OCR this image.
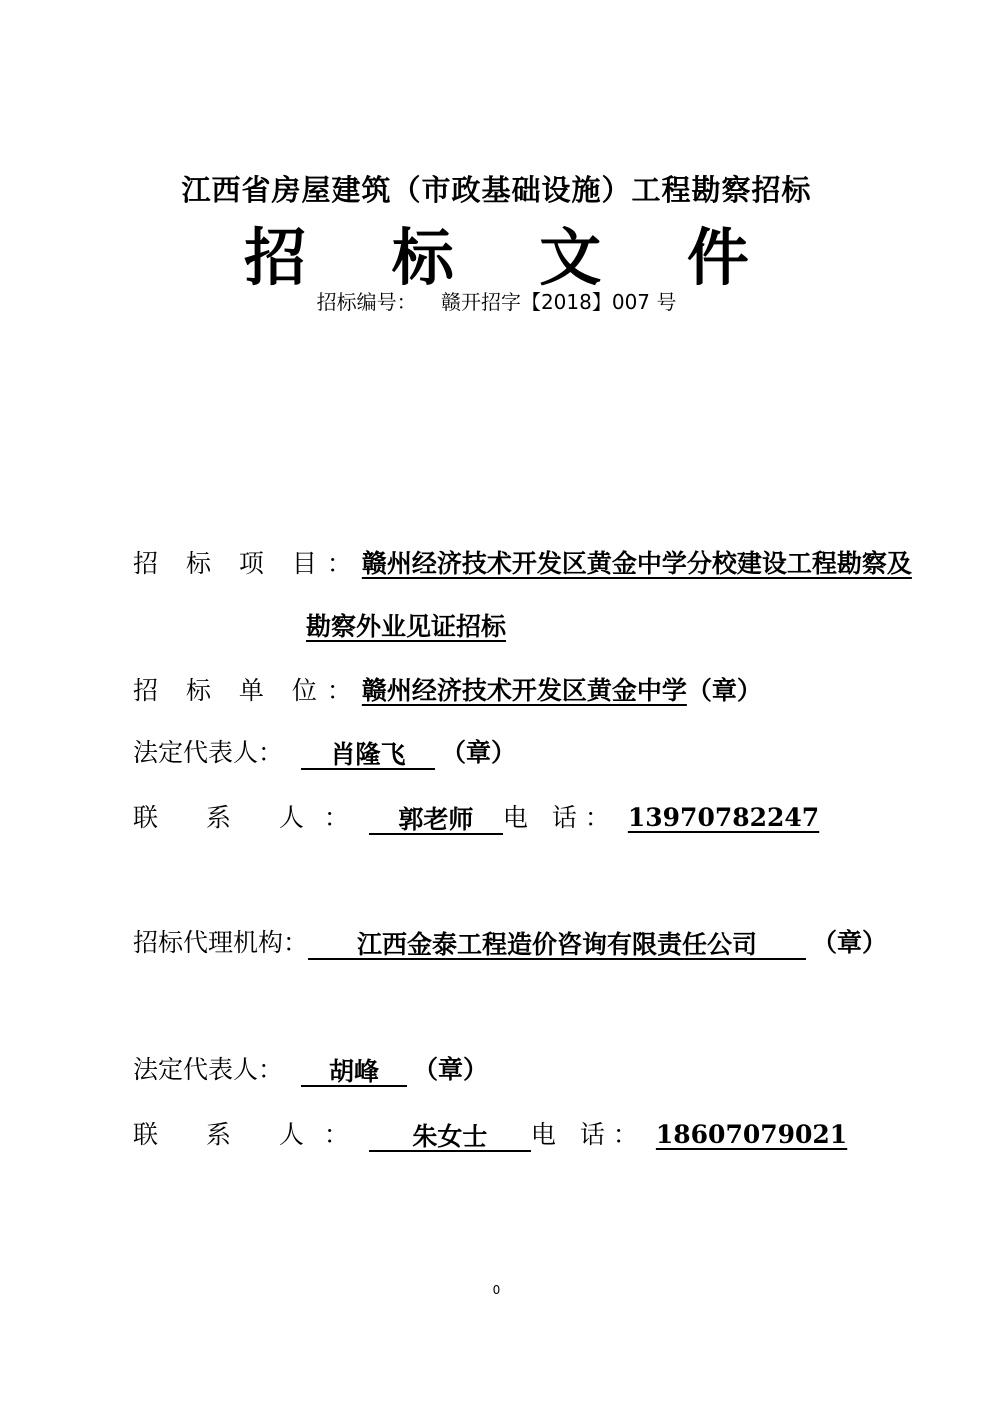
江西省房屋建筑（市政基础设施）工程勘察招标
招 标 文 件
招标编号： 赣开招字【2018】007 号
招 标 项 目：赣州经济技术开发区黄金中学分校建设工程勘察及
勘察外业见证招标
招 标 单 位：赣州经济技术开发区黄金中学（章）
法定代表人： 肖隆飞 （章）
联 系 人： 郭老师 电 话： 13970782247
招标代理机构： 江西金泰工程造价咨询有限责任公司 （章）
法定代表人： 胡峰 （章）
联 系 人： 朱女士 电 话： 18607079021
0
